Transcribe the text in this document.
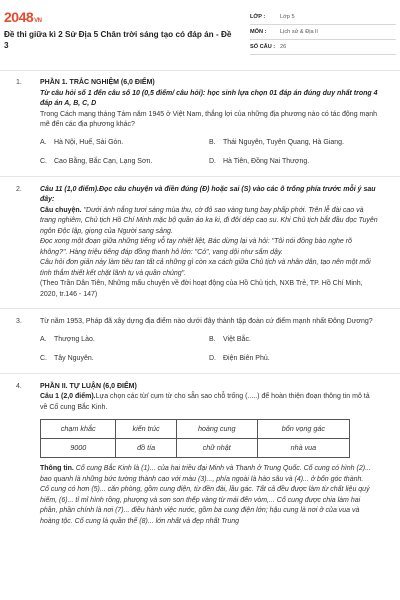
2048VN
Đề thi giữa kì 2 Sử Địa 5 Chân trời sáng tạo có đáp án - Đề 3
LỚP :	Lớp 5
MÔN :	Lịch sử & Địa lí
SỐ CÂU : 26
1.	PHẦN 1. TRẮC NGHIỆM (6,0 ĐIỂM)
Từ câu hỏi số 1 đến câu số 10 (0,5 điểm/ câu hỏi): học sinh lựa chọn 01 đáp án đúng duy nhất trong 4 đáp án A, B, C, D
Trong Cách mạng tháng Tám năm 1945 ở Việt Nam, thắng lợi của những địa phương nào có tác động mạnh mẽ đến các địa phương khác?
A.	Hà Nội, Huế, Sài Gòn.	B.	Thái Nguyên, Tuyên Quang, Hà Giang.
C.	Cao Bằng, Bắc Cạn, Lạng Sơn.	D.	Hà Tiên, Đồng Nai Thượng.
2.	Câu 11 (1,0 điểm).Đọc câu chuyện và điền đúng (Đ) hoặc sai (S) vào các ô trống phía trước mỗi ý sau đây:
Câu chuyện. "Dưới ánh nắng tươi sáng mùa thu, cờ đỏ sao vàng tung bay phấp phới. Trên lễ đài cao và trang nghiêm, Chủ tịch Hồ Chí Minh mặc bộ quần áo ka ki, đi đôi dép cao su. Khi Chủ tịch bắt đầu đọc Tuyên ngôn Độc lập, giọng của Người sang sảng.
Đọc xong một đoạn giữa những tiếng vỗ tay nhiệt liệt, Bác dừng lại và hỏi: "Tôi nói đồng bào nghe rõ không?". Hàng triệu tiếng đáp đồng thanh hô lớn: "Có", vang dội như sấm dậy.
Câu hỏi đơn giản này làm tiêu tan tất cả những gì còn xa cách giữa Chủ tịch và nhân dân, tạo nên một mối tình thắm thiết kết chặt lãnh tụ và quần chúng".
(Theo Trần Dân Tiên, Những mẩu chuyện về đời hoạt động của Hồ Chủ tịch, NXB Trẻ, TP. Hồ Chí Minh, 2020, tr.146 - 147)
3.	Từ năm 1953, Pháp đã xây dựng địa điểm nào dưới đây thành tập đoàn cứ điểm mạnh nhất Đông Dương?
A.	Thượng Lào.	B.	Việt Bắc.
C.	Tây Nguyên.	D.	Điện Biên Phủ.
4.	PHẦN II. TỰ LUẬN (6,0 ĐIỂM)
Câu 1 (2,0 điểm).Lựa chọn các từ/ cụm từ cho sẵn sao chỗ trống (.....) để hoàn thiện đoạn thông tin mô tả về Cố cung Bắc Kinh.
chạm khắc	kiến trúc	hoàng cung	bốn vọng gác
9000	đồ tía	chữ nhật	nhà vua
Thông tin. Cố cung Bắc Kinh là (1)... của hai triều đại Minh và Thanh ở Trung Quốc. Cố cung có hình (2)... bao quanh là những bức tường thành cao với màu (3)..., phía ngoài là hào sâu và (4)... ở bốn góc thành.
Cố cung có hơn (5)... căn phòng, gồm cung điện, từ đền đài, lầu gác. Tất cả đều được làm từ chất liệu quý hiếm, (6)... tỉ mỉ hình rồng, phượng và sơn son thếp vàng từ mái đến vòm,... Cố cung được chia làm hai phần, phần chính là nơi (7)... điều hành việc nước, gồm ba cung điện lớn; hậu cung là nơi ở của vua và hoàng tộc. Cố cung là quần thể (8)... lớn nhất và đẹp nhất Trung
